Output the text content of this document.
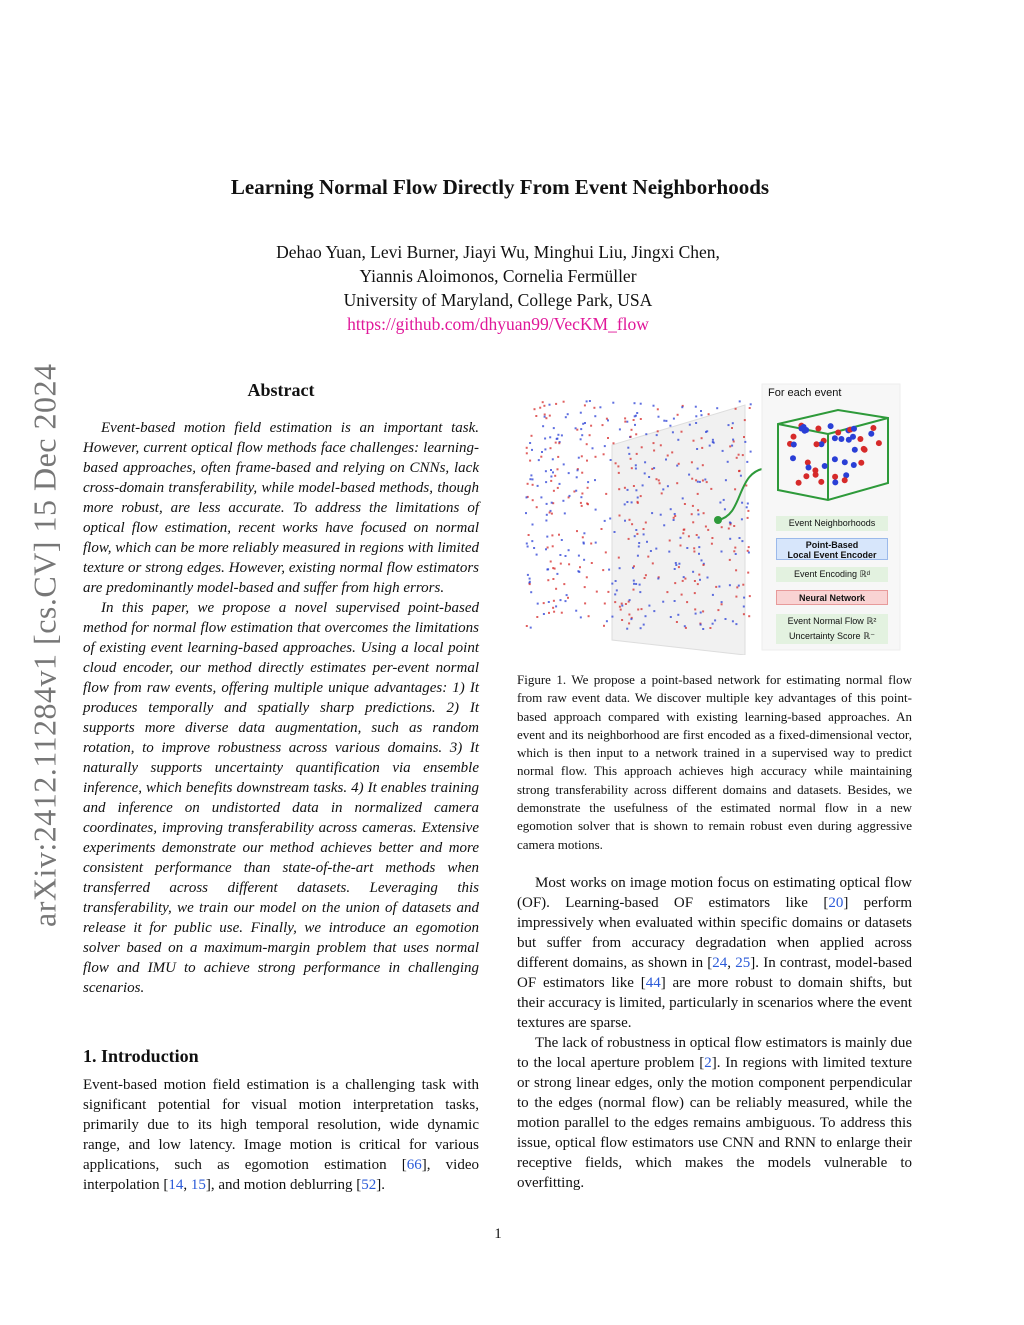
Learning Normal Flow Directly From Event Neighborhoods
Dehao Yuan, Levi Burner, Jiayi Wu, Minghui Liu, Jingxi Chen,
Yiannis Aloimonos, Cornelia Fermüller
University of Maryland, College Park, USA
https://github.com/dhyuan99/VecKM_flow
arXiv:2412.11284v1 [cs.CV] 15 Dec 2024	Abstract

Event-based motion field estimation is an important task. However, current optical flow methods face challenges: learning-based approaches, often frame-based and relying on CNNs, lack cross-domain transferability, while model-based methods, though more robust, are less accurate. To address the limitations of optical flow estimation, recent works have focused on normal flow, which can be more reliably measured in regions with limited texture or strong edges. However, existing normal flow estimators are predominantly model-based and suffer from high errors.

In this paper, we propose a novel supervised point-based method for normal flow estimation that overcomes the limitations of existing event learning-based approaches. Using a local point cloud encoder, our method directly estimates per-event normal flow from raw events, offering multiple unique advantages: 1) It produces temporally and spatially sharp predictions. 2) It supports more diverse data augmentation, such as random rotation, to improve robustness across various domains. 3) It naturally supports uncertainty quantification via ensemble inference, which benefits downstream tasks. 4) It enables training and inference on undistorted data in normalized camera coordinates, improving transferability across cameras. Extensive experiments demonstrate our method achieves better and more consistent performance than state-of-the-art methods when transferred across different datasets. Leveraging this transferability, we train our model on the union of datasets and release it for public use. Finally, we introduce an egomotion solver based on a maximum-margin problem that uses normal flow and IMU to achieve strong performance in challenging scenarios.

1. Introduction

Event-based motion field estimation is a challenging task with significant potential for visual motion interpretation tasks, primarily due to its high temporal resolution, wide dynamic range, and low latency. Image motion is critical for various applications, such as egomotion estimation [66], video interpolation [14, 15], and motion deblurring [52].

For each event
Event Neighborhoods
Point-Based
Local Event Encoder
Event Encoding ℝᵈ
Neural Network
Event Normal Flow ℝ²
Uncertainty Score ℝ⁻
Figure 1. We propose a point-based network for estimating normal flow from raw event data. We discover multiple key advantages of this point-based approach compared with existing learning-based approaches. An event and its neighborhood are first encoded as a fixed-dimensional vector, which is then input to a network trained in a supervised way to predict normal flow. This approach achieves high accuracy while maintaining strong transferability across different domains and datasets. Besides, we demonstrate the usefulness of the estimated normal flow in a new egomotion solver that is shown to remain robust even during aggressive camera motions.

Most works on image motion focus on estimating optical flow (OF). Learning-based OF estimators like [20] perform impressively when evaluated within specific domains or datasets but suffer from accuracy degradation when applied across different domains, as shown in [24, 25]. In contrast, model-based OF estimators like [44] are more robust to domain shifts, but their accuracy is limited, particularly in scenarios where the event textures are sparse.

The lack of robustness in optical flow estimators is mainly due to the local aperture problem [2]. In regions with limited texture or strong linear edges, only the motion component perpendicular to the edges (normal flow) can be reliably measured, while the motion parallel to the edges remains ambiguous. To address this issue, optical flow estimators use CNN and RNN to enlarge their receptive fields, which makes the models vulnerable to overfitting.

1
